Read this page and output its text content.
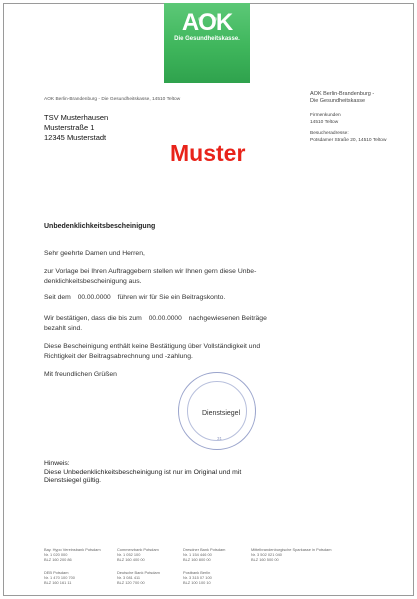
AOK
Die Gesundheitskasse.
AOK Berlin-Brandenburg - Die Gesundheitskasse, 14510 Teltow
TSV Musterhausen
Musterstraße 1
12345 Musterstadt
AOK Berlin-Brandenburg -
Die Gesundheitskasse
Firmenkunden
14510 Teltow
Besucheradresse:
Potsdamer Straße 20, 14510 Teltow
Muster
Unbedenklichkeitsbescheinigung
Sehr geehrte Damen und Herren,
zur Vorlage bei Ihren Auftraggebern stellen wir Ihnen gern diese Unbe-
denklichkeitsbescheinigung aus.
Seit dem 00.00.0000 führen wir für Sie ein Beitragskonto.
Wir bestätigen, dass die bis zum 00.00.0000 nachgewiesenen Beiträge
bezahlt sind.
Diese Bescheinigung enthält keine Bestätigung über Vollständigkeit und
Richtigkeit der Beitragsabrechnung und -zahlung.
Mit freundlichen Grüßen
Dienstsiegel
31
Hinweis:
Diese Unbedenklichkeitsbescheinigung ist nur im Original und mit
Dienstsiegel gültig.
Bay. Hypo Vereinsbank Potsdam
Nr. 1 020 000
BLZ 160 200 86
Commerzbank Potsdam
Nr. 1 052 100
BLZ 160 400 00
Dresdner Bank Potsdam
Nr. 1 154 446 00
BLZ 160 800 00
Mittelbrandenburgische Sparkasse in Potsdam
Nr. 3 502 021 040
BLZ 160 500 00
DEB Potsdam
Nr. 1 470 100 700
BLZ 160 161 11
Deutsche Bank Potsdam
Nr. 3 081 411
BLZ 120 700 00
Postbank Berlin
Nr. 3 315 07 100
BLZ 100 100 10
